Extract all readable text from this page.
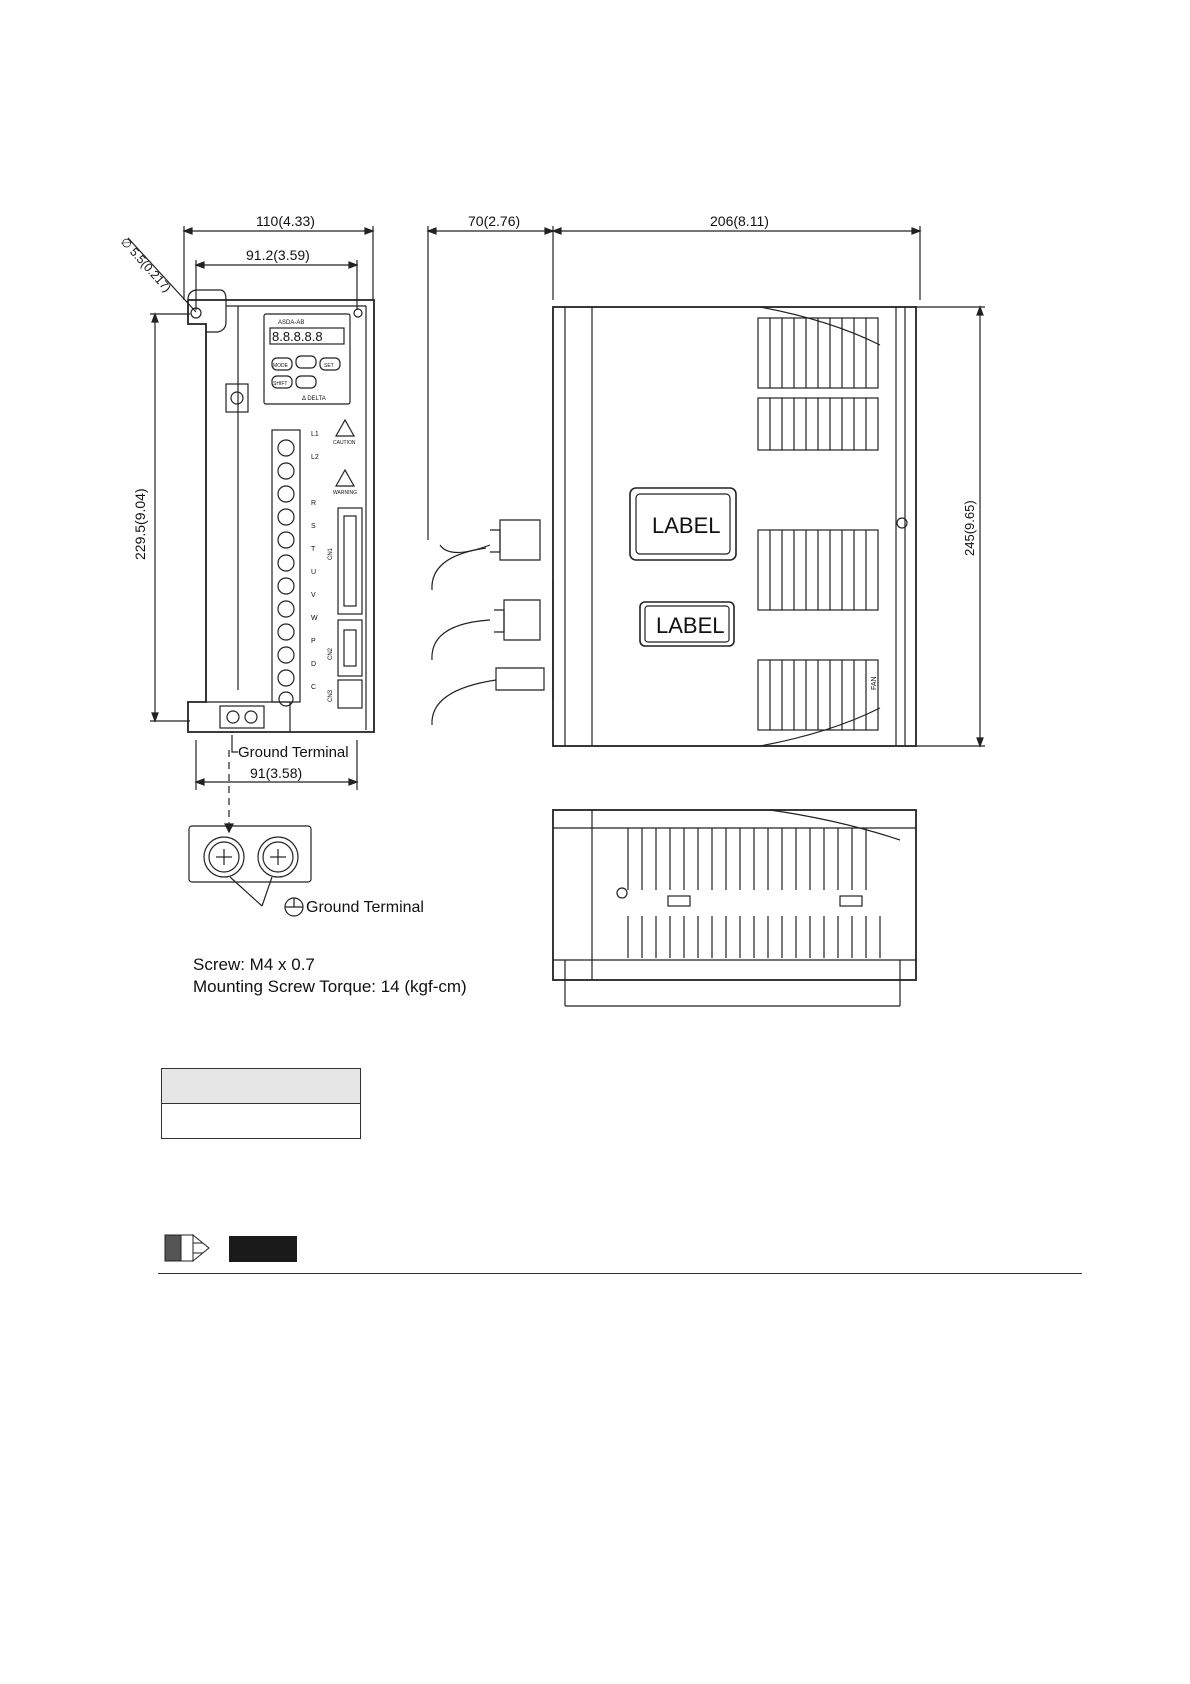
110(4.33)
91.2(3.59)
∅ 5.5(0.217)
229.5(9.04)
91(3.58)
Ground Terminal
ASDA-AB
8.8.8.8.8
MODE
SHIFT
SET
Δ DELTA
CAUTION
WARNING
L1
L2
R
S
T
U
V
W
P
D
C
CN1
CN2
CN3
Ground Terminal
Screw: M4 x 0.7
Mounting Screw Torque: 14 (kgf-cm)
70(2.76)	206(8.11)
245(9.65)
LABEL
LABEL
FAN
